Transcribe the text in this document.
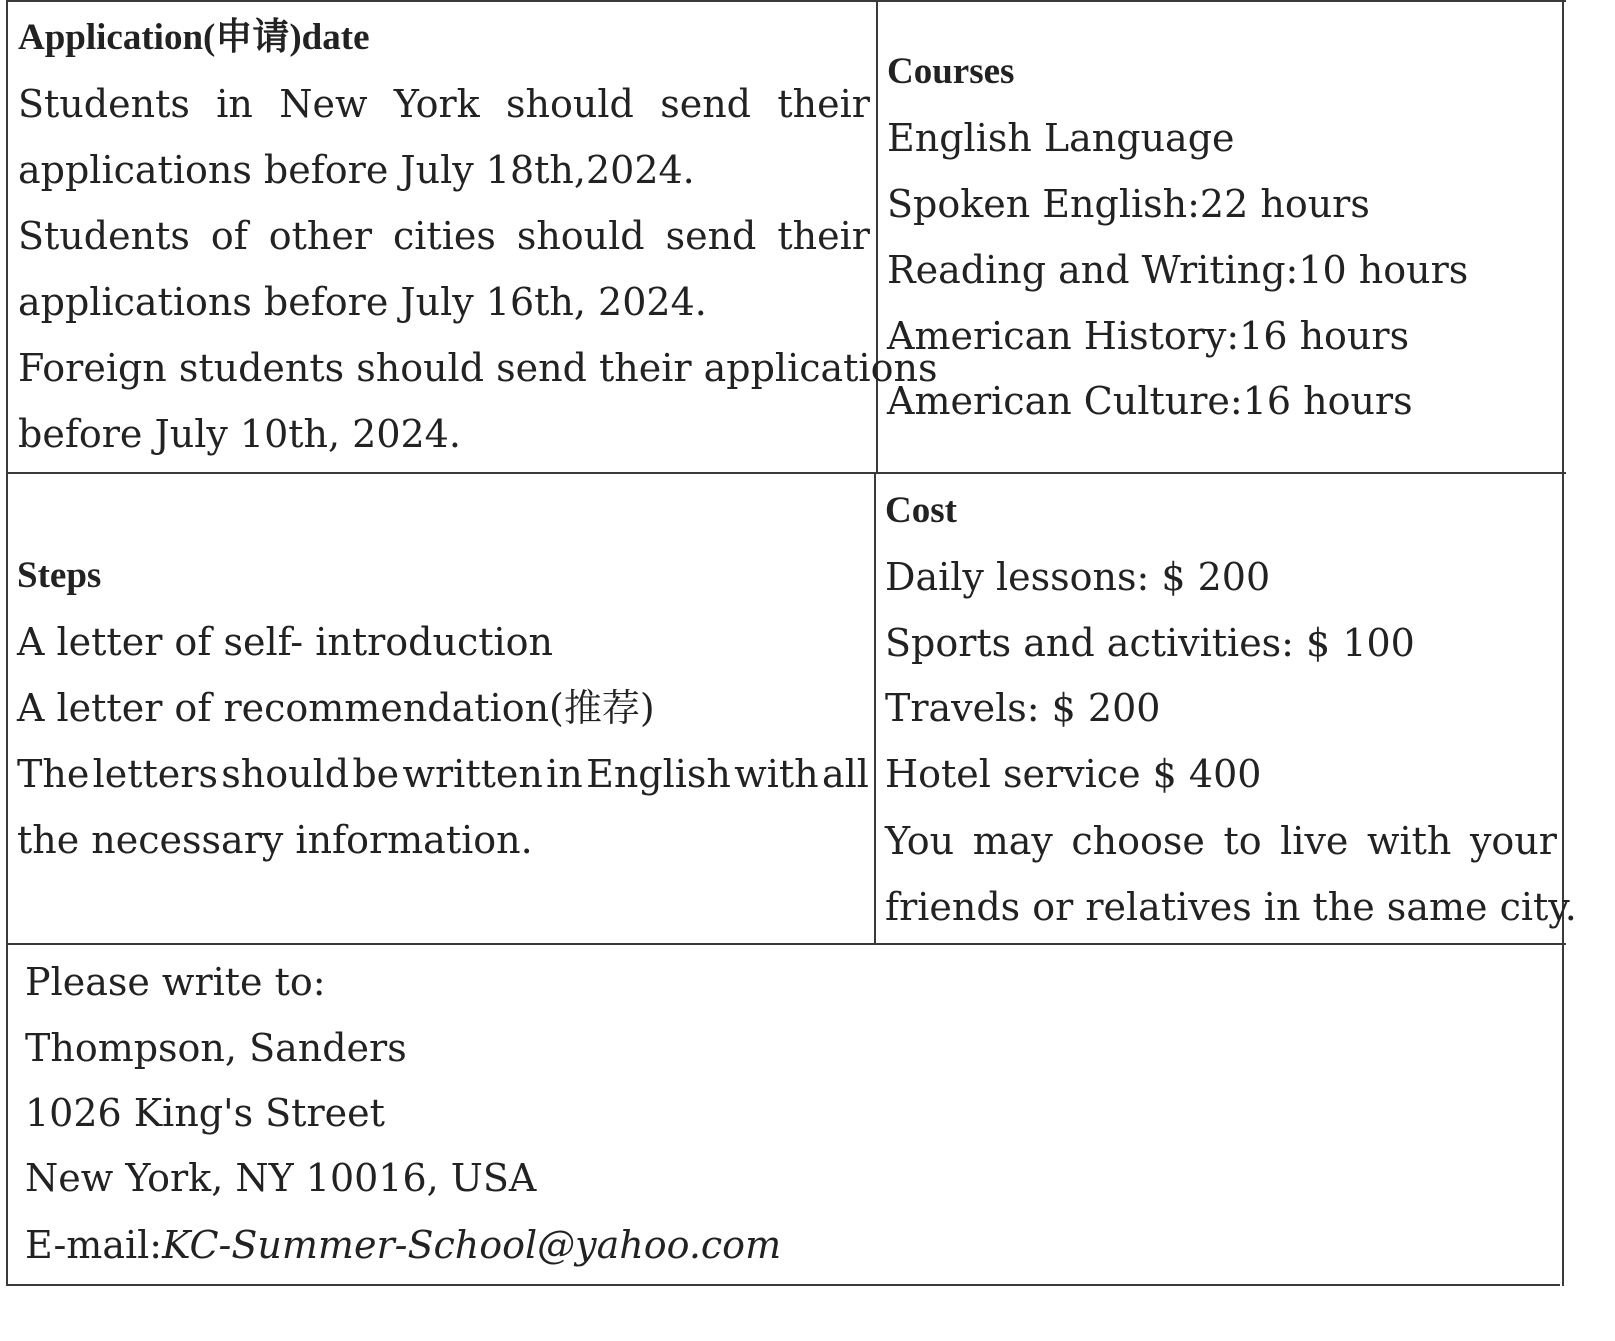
Application(申请)date
Students in New York should send their
applications before July 18th,2024.
Students of other cities should send their
applications before July 16th, 2024.
Foreign students should send their applications
before July 10th, 2024.
Courses
English Language
Spoken English:22 hours
Reading and Writing:10 hours
American History:16 hours
American Culture:16 hours
Steps
A letter of self- introduction
A letter of recommendation(推荐)
The letters should be written in English with all
the necessary information.
Cost
Daily lessons: $ 200
Sports and activities: $ 100
Travels: $ 200
Hotel service $ 400
You may choose to live with your
friends or relatives in the same city.
Please write to:
Thompson, Sanders
1026 King's Street
New York, NY 10016, USA
E-mail:KC-Summer-School@yahoo.com
